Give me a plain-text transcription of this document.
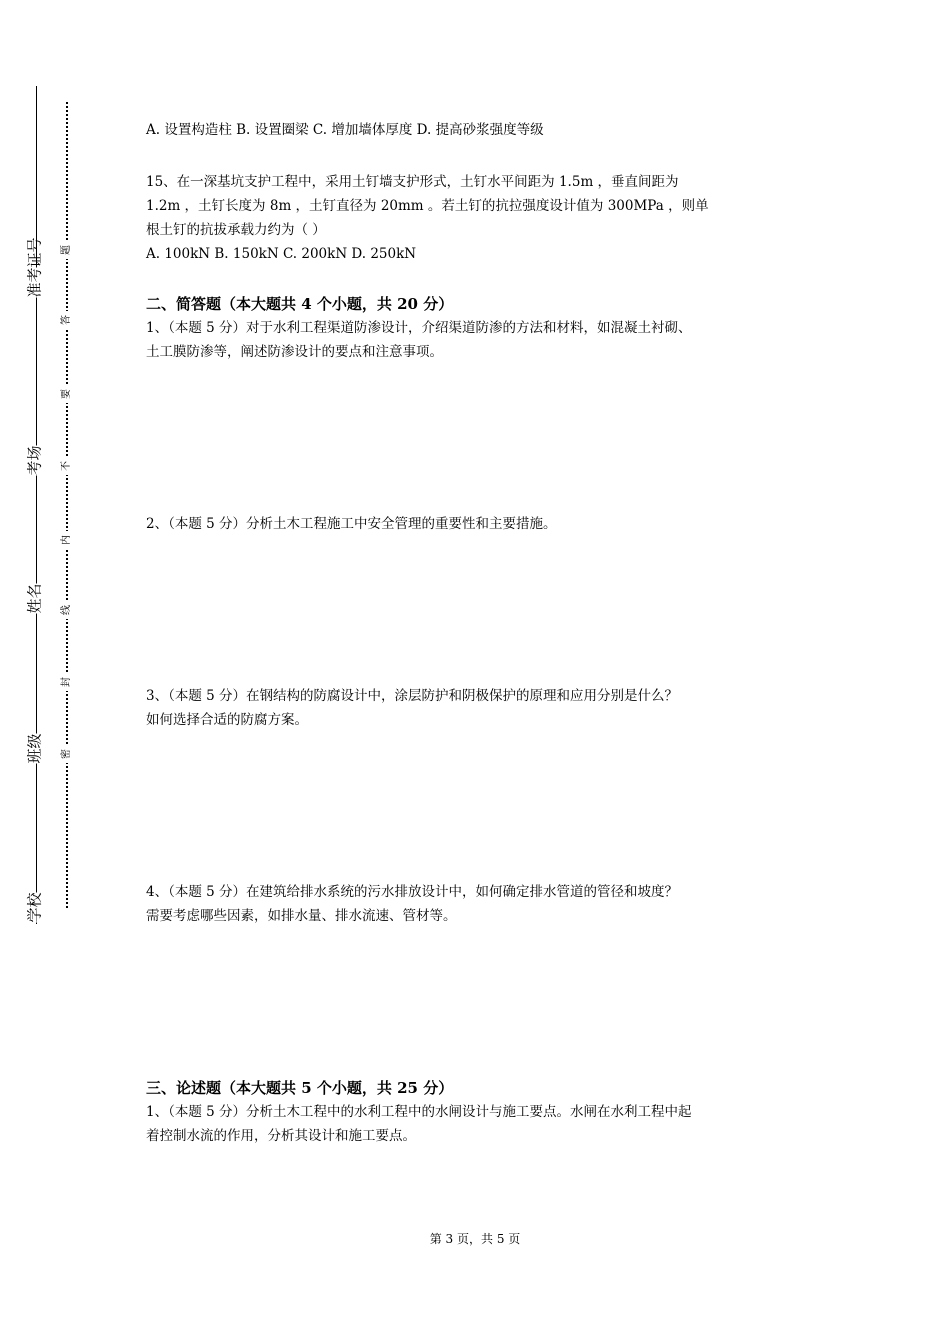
准考证号
考场
姓名
班级
学校
题
答
要
不
内
线
封
密
A. 设置构造柱 B. 设置圈梁 C. 增加墙体厚度 D. 提高砂浆强度等级
15、在一深基坑支护工程中，采用土钉墙支护形式，土钉水平间距为 1.5m ，垂直间距为
1.2m ，土钉长度为 8m ，土钉直径为 20mm 。若土钉的抗拉强度设计值为 300MPa ，则单
根土钉的抗拔承载力约为（ ）
A. 100kN B. 150kN C. 200kN D. 250kN
二、简答题（本大题共 4 个小题，共 20 分）
1、（本题 5 分）对于水利工程渠道防渗设计，介绍渠道防渗的方法和材料，如混凝土衬砌、
土工膜防渗等，阐述防渗设计的要点和注意事项。
2、（本题 5 分）分析土木工程施工中安全管理的重要性和主要措施。
3、（本题 5 分）在钢结构的防腐设计中，涂层防护和阴极保护的原理和应用分别是什么？
如何选择合适的防腐方案。
4、（本题 5 分）在建筑给排水系统的污水排放设计中，如何确定排水管道的管径和坡度？
需要考虑哪些因素，如排水量、排水流速、管材等。
三、论述题（本大题共 5 个小题，共 25 分）
1、（本题 5 分）分析土木工程中的水利工程中的水闸设计与施工要点。水闸在水利工程中起
着控制水流的作用，分析其设计和施工要点。
第 3 页，共 5 页
